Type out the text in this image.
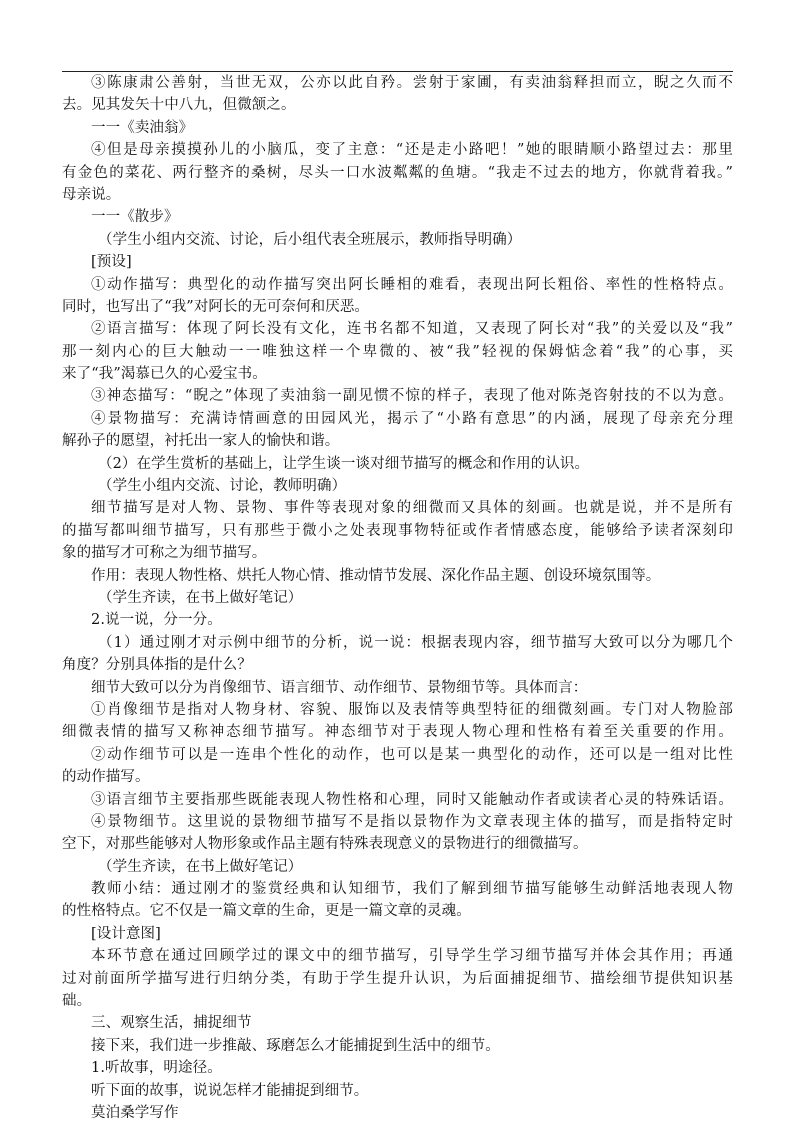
③陈康肃公善射，当世无双，公亦以此自矜。尝射于家圃，有卖油翁释担而立，睨之久而不
去。见其发矢十中八九，但微颔之。
一一《卖油翁》
④但是母亲摸摸孙儿的小脑瓜，变了主意：“还是走小路吧！”她的眼睛顺小路望过去：那里
有金色的菜花、两行整齐的桑树，尽头一口水波粼粼的鱼塘。“我走不过去的地方，你就背着我。”
母亲说。
一一《散步》
（学生小组内交流、讨论，后小组代表全班展示，教师指导明确）
[预设]
①动作描写：典型化的动作描写突出阿长睡相的难看，表现出阿长粗俗、率性的性格特点。
同时，也写出了“我”对阿长的无可奈何和厌恶。
②语言描写：体现了阿长没有文化，连书名都不知道，又表现了阿长对“我”的关爱以及“我”
那一刻内心的巨大触动一一唯独这样一个卑微的、被“我”轻视的保姆惦念着“我”的心事，买
来了“我”渴慕已久的心爱宝书。
③神态描写：“睨之”体现了卖油翁一副见惯不惊的样子，表现了他对陈尧咨射技的不以为意。
④景物描写：充满诗情画意的田园风光，揭示了“小路有意思”的内涵，展现了母亲充分理
解孙子的愿望，衬托出一家人的愉快和谐。
（2）在学生赏析的基础上，让学生谈一谈对细节描写的概念和作用的认识。
（学生小组内交流、讨论，教师明确）
细节描写是对人物、景物、事件等表现对象的细微而又具体的刻画。也就是说，并不是所有
的描写都叫细节描写，只有那些于微小之处表现事物特征或作者情感态度，能够给予读者深刻印
象的描写才可称之为细节描写。
作用：表现人物性格、烘托人物心情、推动情节发展、深化作品主题、创设环境氛围等。
（学生齐读，在书上做好笔记）
2.说一说，分一分。
（1）通过刚才对示例中细节的分析，说一说：根据表现内容，细节描写大致可以分为哪几个
角度？分别具体指的是什么？
细节大致可以分为肖像细节、语言细节、动作细节、景物细节等。具体而言：
①肖像细节是指对人物身材、容貌、服饰以及表情等典型特征的细微刻画。专门对人物脸部
细微表情的描写又称神态细节描写。神态细节对于表现人物心理和性格有着至关重要的作用。
②动作细节可以是一连串个性化的动作，也可以是某一典型化的动作，还可以是一组对比性
的动作描写。
③语言细节主要指那些既能表现人物性格和心理，同时又能触动作者或读者心灵的特殊话语。
④景物细节。这里说的景物细节描写不是指以景物作为文章表现主体的描写，而是指特定时
空下，对那些能够对人物形象或作品主题有特殊表现意义的景物进行的细微描写。
（学生齐读，在书上做好笔记）
教师小结：通过刚才的鉴赏经典和认知细节，我们了解到细节描写能够生动鲜活地表现人物
的性格特点。它不仅是一篇文章的生命，更是一篇文章的灵魂。
[设计意图]
本环节意在通过回顾学过的课文中的细节描写，引导学生学习细节描写并体会其作用；再通
过对前面所学描写进行归纳分类，有助于学生提升认识，为后面捕捉细节、描绘细节提供知识基
础。
三、观察生活，捕捉细节
接下来，我们进一步推敲、琢磨怎么才能捕捉到生活中的细节。
1.听故事，明途径。
听下面的故事，说说怎样才能捕捉到细节。
莫泊桑学写作
